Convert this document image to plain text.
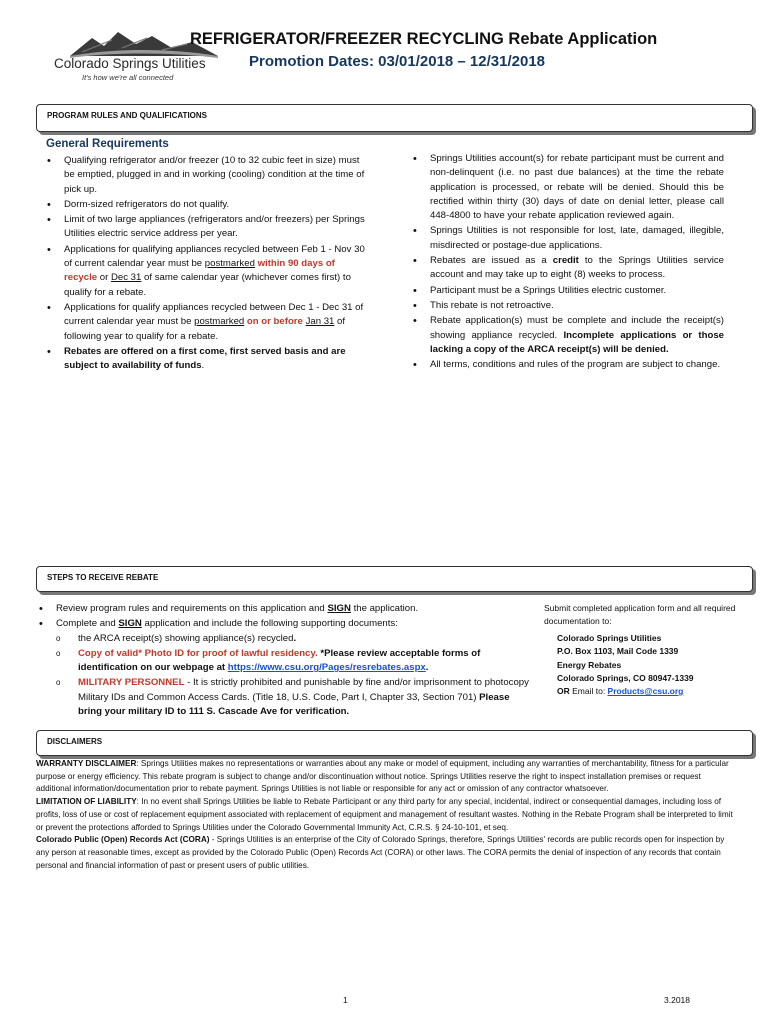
Colorado Springs Utilities
It's how we're all connected
REFRIGERATOR/FREEZER RECYCLING Rebate Application
Promotion Dates: 03/01/2018 – 12/31/2018
PROGRAM RULES AND QUALIFICATIONS
General Requirements
• Qualifying refrigerator and/or freezer (10 to 32 cubic feet in size) must be emptied, plugged in and in working (cooling) condition at the time of pick up.
• Dorm-sized refrigerators do not qualify.
• Limit of two large appliances (refrigerators and/or freezers) per Springs Utilities electric service address per year.
• Applications for qualifying appliances recycled between Feb 1 - Nov 30 of current calendar year must be postmarked within 90 days of recycle or Dec 31 of same calendar year (whichever comes first) to qualify for a rebate.
• Applications for qualify appliances recycled between Dec 1 - Dec 31 of current calendar year must be postmarked on or before Jan 31 of following year to qualify for a rebate.
• Rebates are offered on a first come, first served basis and are subject to availability of funds.
• Springs Utilities account(s) for rebate participant must be current and non-delinquent (i.e. no past due balances) at the time the rebate application is processed, or rebate will be denied. Should this be rectified within thirty (30) days of date on denial letter, please call 448-4800 to have your rebate application reviewed again.
• Springs Utilities is not responsible for lost, late, damaged, illegible, misdirected or postage-due applications.
• Rebates are issued as a credit to the Springs Utilities service account and may take up to eight (8) weeks to process.
• Participant must be a Springs Utilities electric customer.
• This rebate is not retroactive.
• Rebate application(s) must be complete and include the receipt(s) showing appliance recycled. Incomplete applications or those lacking a copy of the ARCA receipt(s) will be denied.
• All terms, conditions and rules of the program are subject to change.
STEPS TO RECEIVE REBATE
• Review program rules and requirements on this application and SIGN the application.
• Complete and SIGN application and include the following supporting documents:
o the ARCA receipt(s) showing appliance(s) recycled.
o Copy of valid* Photo ID for proof of lawful residency. *Please review acceptable forms of identification on our webpage at https://www.csu.org/Pages/resrebates.aspx.
o MILITARY PERSONNEL - It is strictly prohibited and punishable by fine and/or imprisonment to photocopy Military IDs and Common Access Cards. (Title 18, U.S. Code, Part I, Chapter 33, Section 701) Please bring your military ID to 111 S. Cascade Ave for verification.
Submit completed application form and all required documentation to:
Colorado Springs Utilities
P.O. Box 1103, Mail Code 1339
Energy Rebates
Colorado Springs, CO 80947-1339
OR Email to: Products@csu.org
DISCLAIMERS

WARRANTY DISCLAIMER: Springs Utilities makes no representations or warranties about any make or model of equipment, including any warranties of merchantability, fitness for a particular purpose or energy efficiency. This rebate program is subject to change and/or discontinuation without notice. Springs Utilities reserve the right to inspect installation premises or request additional information/documentation prior to rebate payment. Springs Utilities is not liable or responsible for any act or omission of any contractor whatsoever.

LIMITATION OF LIABILITY: In no event shall Springs Utilities be liable to Rebate Participant or any third party for any special, incidental, indirect or consequential damages, including loss of profits, loss of use or cost of replacement equipment associated with replacement of equipment and management of resultant wastes. Nothing in the Rebate Program shall be interpreted to limit or prevent the protections afforded to Springs Utilities under the Colorado Governmental Immunity Act, C.R.S. § 24-10-101, et seq.

Colorado Public (Open) Records Act (CORA) - Springs Utilities is an enterprise of the City of Colorado Springs, therefore, Springs Utilities' records are public records open for inspection by any person at reasonable times, except as provided by the Colorado Public (Open) Records Act (CORA) or other laws. The CORA permits the denial of inspection of any records that contain personal and financial information of past or present users of public utilities.

1	3.2018
